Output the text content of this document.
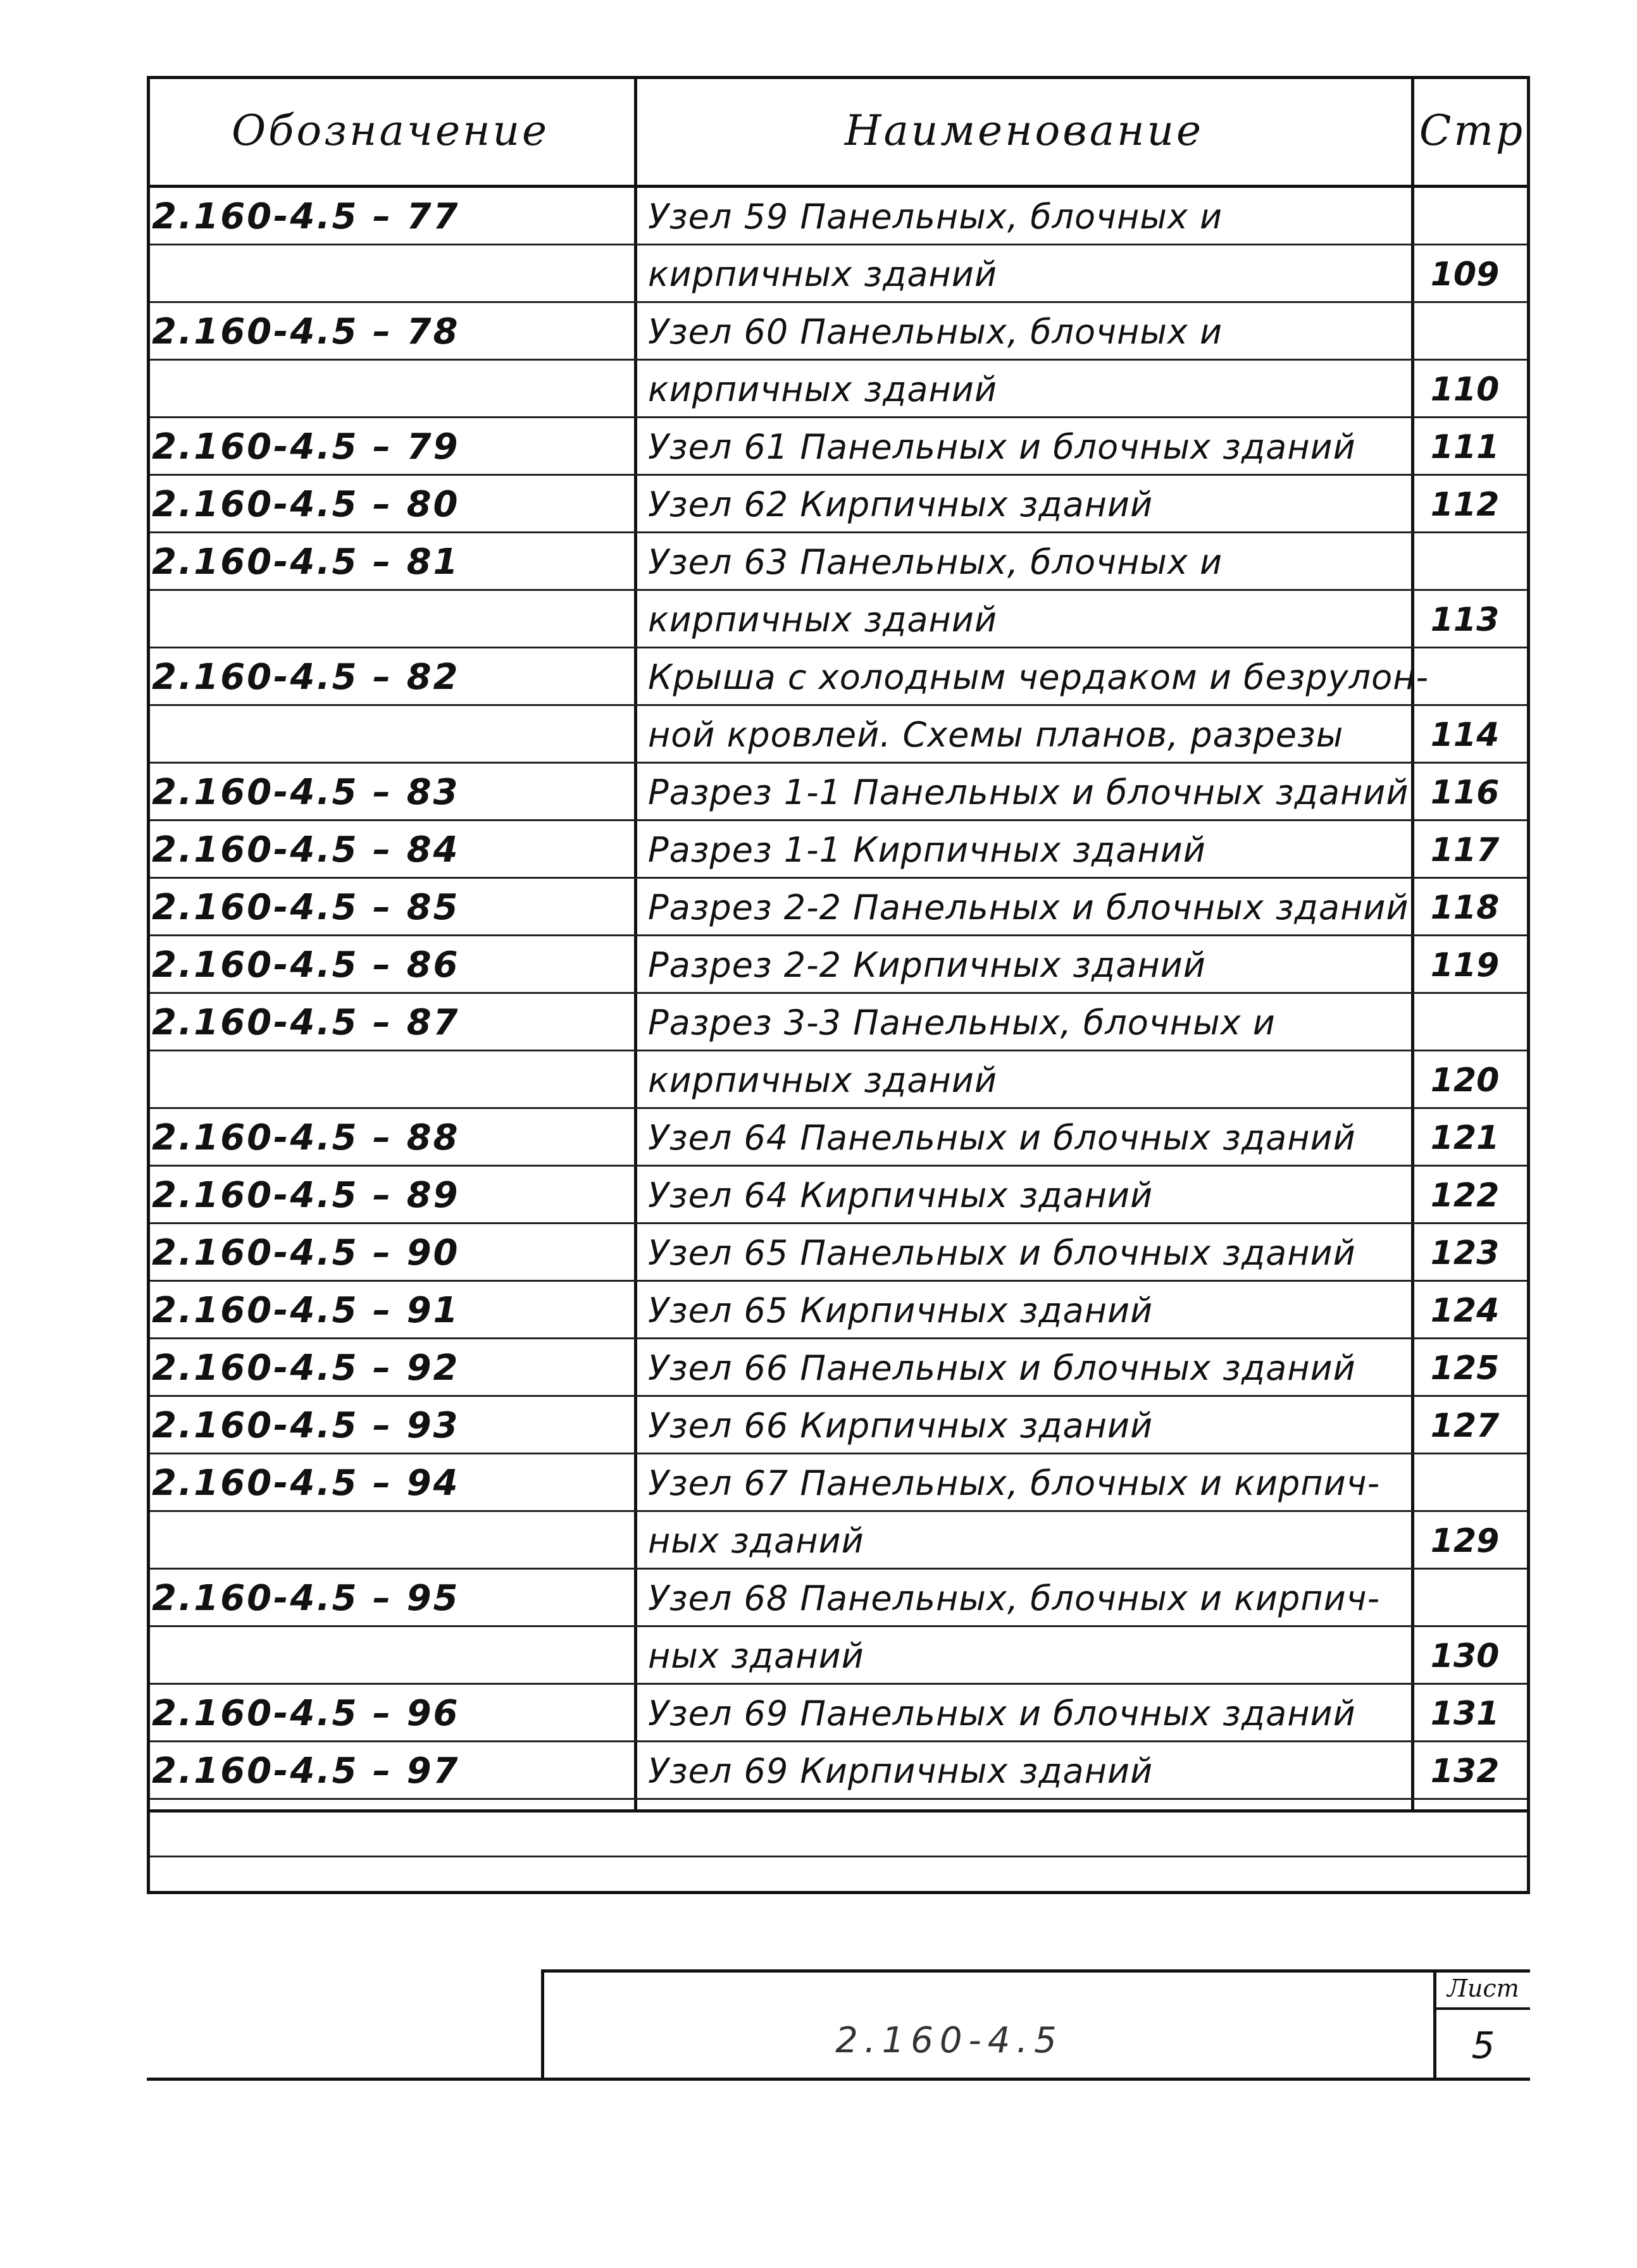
Обозначение	Наименование	Стр
2.160-4.5 – 77	Узел 59 Панельных, блочных и
кирпичных зданий	109
2.160-4.5 – 78	Узел 60 Панельных, блочных и
кирпичных зданий	110
2.160-4.5 – 79	Узел 61 Панельных и блочных зданий	111
2.160-4.5 – 80	Узел 62 Кирпичных зданий	112
2.160-4.5 – 81	Узел 63 Панельных, блочных и
кирпичных зданий	113
2.160-4.5 – 82	Крыша с холодным чердаком и безрулон-
ной кровлей. Схемы планов, разрезы	114
2.160-4.5 – 83	Разрез 1-1 Панельных и блочных зданий 116
2.160-4.5 – 84	Разрез 1-1 Кирпичных зданий	117
2.160-4.5 – 85	Разрез 2-2 Панельных и блочных зданий 118
2.160-4.5 – 86	Разрез 2-2 Кирпичных зданий	119
2.160-4.5 – 87	Разрез 3-3 Панельных, блочных и
кирпичных зданий	120
2.160-4.5 – 88	Узел 64 Панельных и блочных зданий	121
2.160-4.5 – 89	Узел 64 Кирпичных зданий	122
2.160-4.5 – 90	Узел 65 Панельных и блочных зданий	123
2.160-4.5 – 91	Узел 65 Кирпичных зданий	124
2.160-4.5 – 92	Узел 66 Панельных и блочных зданий	125
2.160-4.5 – 93	Узел 66 Кирпичных зданий	127
2.160-4.5 – 94	Узел 67 Панельных, блочных и кирпич-
ных зданий	129
2.160-4.5 – 95	Узел 68 Панельных, блочных и кирпич-
ных зданий	130
2.160-4.5 – 96	Узел 69 Панельных и блочных зданий	131
2.160-4.5 – 97	Узел 69 Кирпичных зданий	132
2.160-4.5
Лист
5
